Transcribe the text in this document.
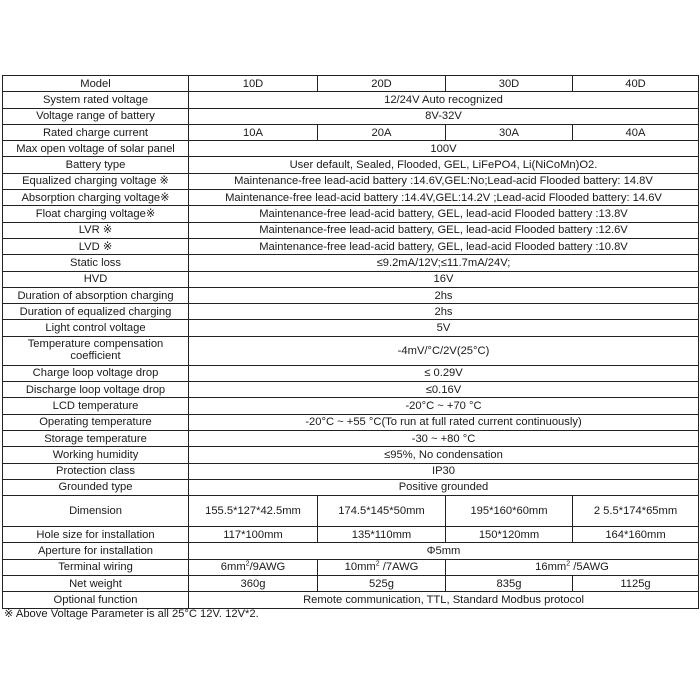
Model	10D	20D	30D	40D
System rated voltage	12/24V Auto recognized			
Voltage range of battery	8V-32V			
Rated charge current	10A	20A	30A	40A
Max open voltage of solar panel	100V			
Battery type	User default, Sealed, Flooded, GEL, LiFePO4, Li(NiCoMn)O2.			
Equalized charging voltage ※	Maintenance-free lead-acid battery :14.6V,GEL:No;Lead-acid Flooded battery: 14.8V			
Absorption charging voltage※	Maintenance-free lead-acid battery :14.4V,GEL:14.2V ;Lead-acid Flooded battery: 14.6V			
Float charging voltage※	Maintenance-free lead-acid battery, GEL, lead-acid Flooded battery :13.8V			
LVR ※	Maintenance-free lead-acid battery, GEL, lead-acid Flooded battery :12.6V			
LVD ※	Maintenance-free lead-acid battery, GEL, lead-acid Flooded battery :10.8V			
Static loss	≤9.2mA/12V;≤11.7mA/24V;			
HVD	16V			
Duration of absorption charging	2hs			
Duration of equalized charging	2hs			
Light control voltage	5V			
Temperature compensation coefficient	-4mV/°C/2V(25°C)			
Charge loop voltage drop	≤ 0.29V			
Discharge loop voltage drop	≤0.16V			
LCD temperature	-20°C ~ +70 °C			
Operating temperature	-20°C ~ +55 °C(To run at full rated current continuously)			
Storage temperature	-30 ~ +80 °C			
Working humidity	≤95%, No condensation			
Protection class	IP30			
Grounded type	Positive grounded			
Dimension	155.5*127*42.5mm	174.5*145*50mm	195*160*60mm	2 5.5*174*65mm
Hole size for installation	117*100mm	135*110mm	150*120mm	164*160mm
Aperture for installation	Φ5mm			
Terminal wiring	$6mm^2/9AWG$	$10mm^2$ /7AWG	$16mm^2$ /5AWG	
Net weight	360g	525g	835g	1125g
Optional function	Remote communication, TTL, Standard Modbus protocol			
※ Above Voltage Parameter is all 25°C 12V. 12V*2.
